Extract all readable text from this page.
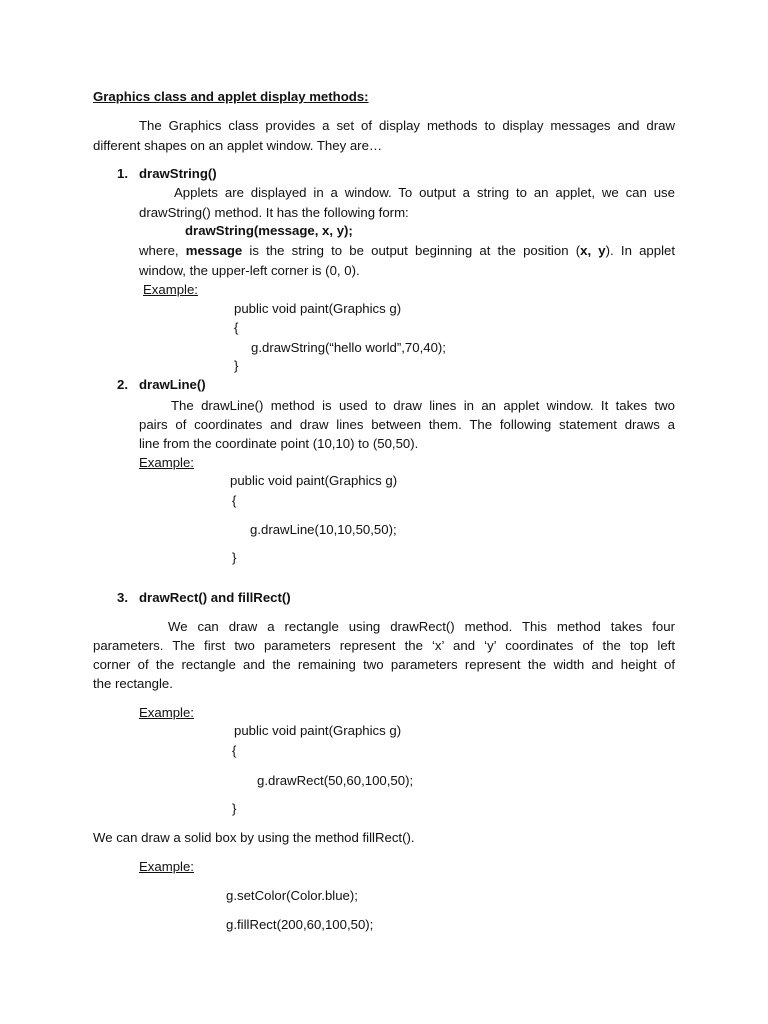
Graphics class and applet display methods:
The Graphics class provides a set of display methods to display messages and draw
different shapes on an applet window. They are…
1. drawString()
Applets are displayed in a window. To output a string to an applet, we can use
drawString() method. It has the following form:
drawString(message, x, y);
where, message is the string to be output beginning at the position (x, y). In applet
window, the upper-left corner is (0, 0).
Example:
public void paint(Graphics g)
{
g.drawString(“hello world”,70,40);
}
2. drawLine()
The drawLine() method is used to draw lines in an applet window. It takes two
pairs of coordinates and draw lines between them. The following statement draws a
line from the coordinate point (10,10) to (50,50).
Example:
public void paint(Graphics g)
{
g.drawLine(10,10,50,50);
}
3. drawRect() and fillRect()
We can draw a rectangle using drawRect() method. This method takes four
parameters. The first two parameters represent the ‘x’ and ‘y’ coordinates of the top left
corner of the rectangle and the remaining two parameters represent the width and height of
the rectangle.
Example:
public void paint(Graphics g)
{
g.drawRect(50,60,100,50);
}
We can draw a solid box by using the method fillRect().
Example:
g.setColor(Color.blue);
g.fillRect(200,60,100,50);
